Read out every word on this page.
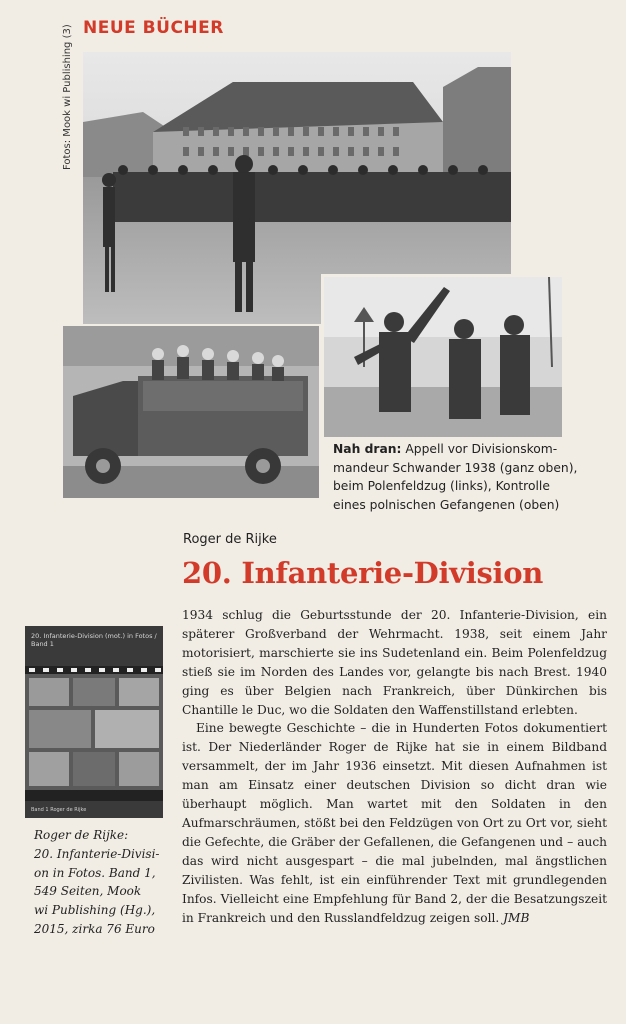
NEUE BÜCHER
Fotos: Mook wi Publishing (3)
Nah dran: Appell vor Divisionskom-
mandeur Schwander 1938 (ganz oben),
beim Polenfeldzug (links), Kontrolle
eines polnischen Gefangenen (oben)
Roger de Rijke
20. Infanterie-Division

1934 schlug die Geburtsstunde der 20. Infanterie-Division, ein späterer Großverband der Wehrmacht. 1938, seit einem Jahr motorisiert, marschierte sie ins Sudetenland ein. Beim Polenfeldzug stieß sie im Norden des Landes vor, gelangte bis nach Brest. 1940 ging es über Belgien nach Frankreich, über Dünkirchen bis Chantille le Duc, wo die Soldaten den Waffenstillstand erlebten.

Eine bewegte Geschichte – die in Hunderten Fotos dokumentiert ist. Der Niederländer Roger de Rijke hat sie in einem Bildband versammelt, der im Jahr 1936 einsetzt. Mit diesen Aufnahmen ist man am Einsatz einer deutschen Division so dicht dran wie überhaupt möglich. Man wartet mit den Soldaten in den Aufmarschräumen, stößt bei den Feldzügen von Ort zu Ort vor, sieht die Gefechte, die Gräber der Gefallenen, die Gefangenen und – auch das wird nicht ausgespart – die mal jubelnden, mal ängstlichen Zivilisten. Was fehlt, ist ein einführender Text mit grundlegenden Infos. Vielleicht eine Empfehlung für Band 2, der die Besatzungszeit in Frankreich und den Russlandfeldzug zeigen soll. JMB

20. Infanterie-Division (mot.) in Fotos / Band 1
Band 1 Roger de Rijke
Roger de Rijke:
20. Infanterie-Divisi-
on in Fotos. Band 1,
549 Seiten, Mook
wi Publishing (Hg.),
2015, zirka 76 Euro
